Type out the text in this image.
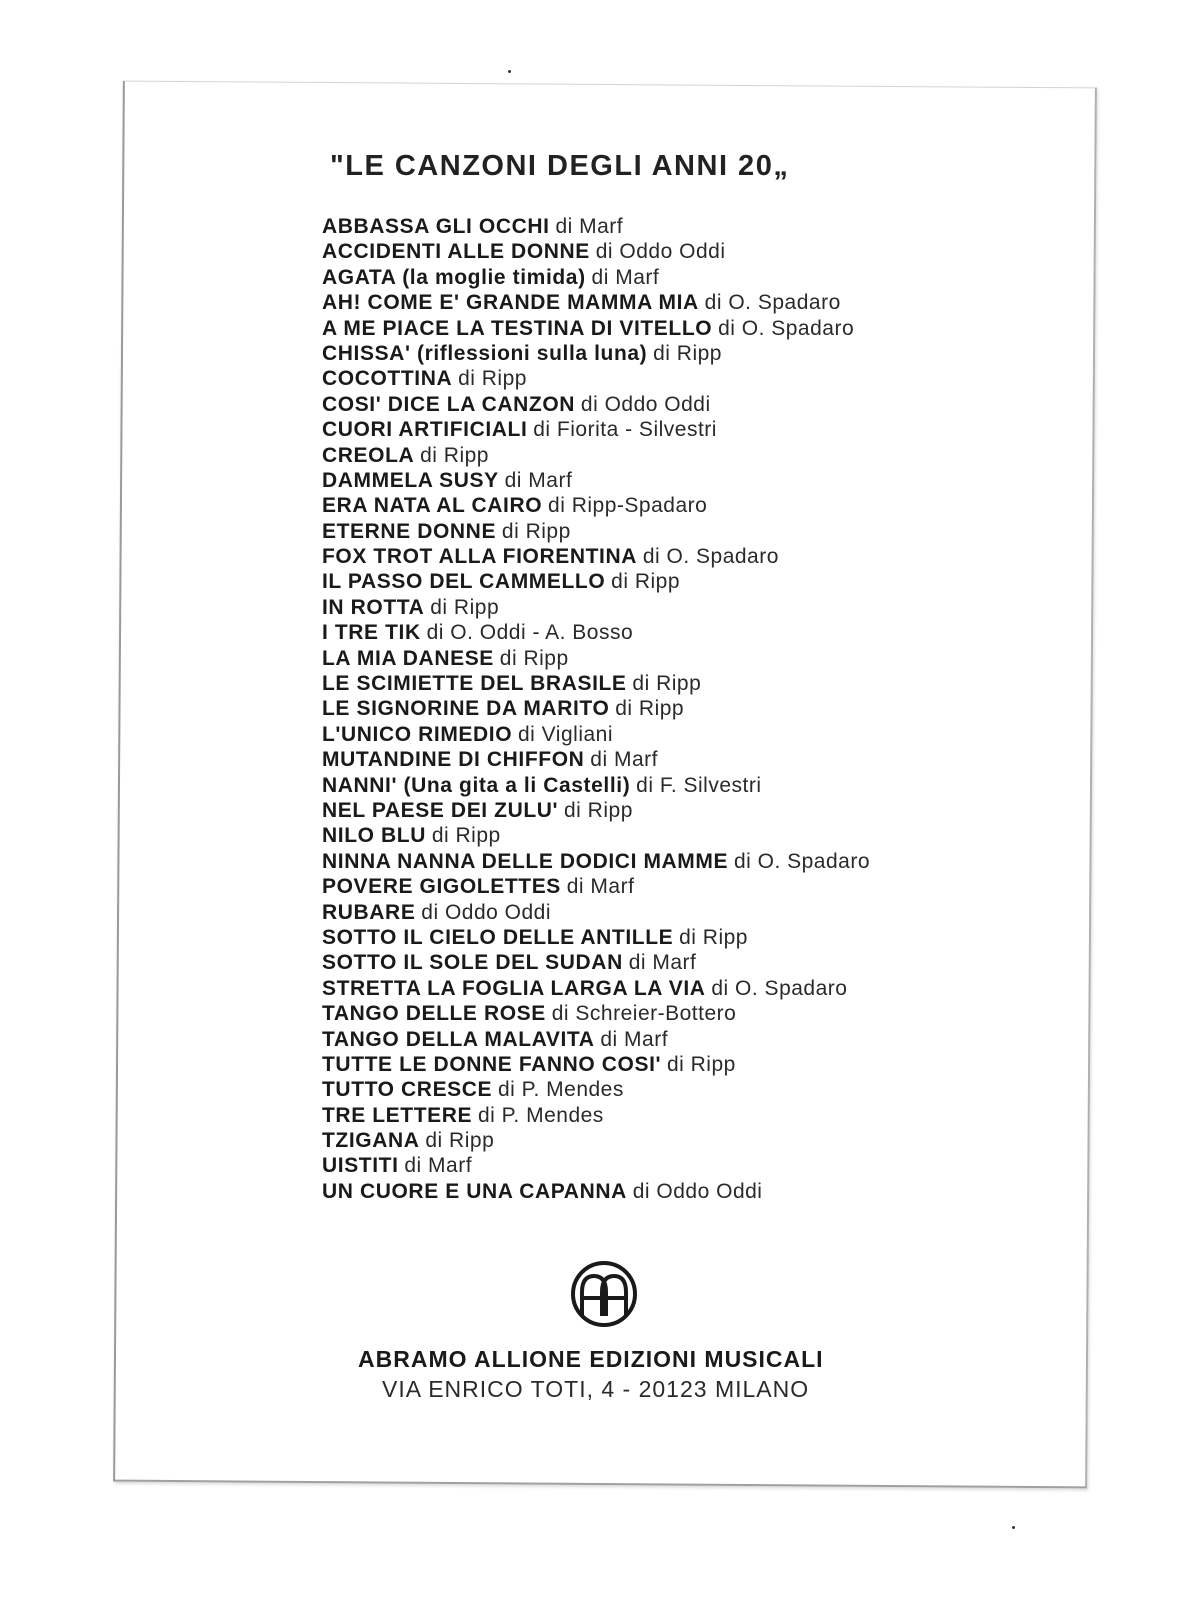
"LE CANZONI DEGLI ANNI 20„
ABBASSA GLI OCCHI di Marf
ACCIDENTI ALLE DONNE di Oddo Oddi
AGATA (la moglie timida) di Marf
AH! COME E' GRANDE MAMMA MIA di O. Spadaro
A ME PIACE LA TESTINA DI VITELLO di O. Spadaro
CHISSA' (riflessioni sulla luna) di Ripp
COCOTTINA di Ripp
COSI' DICE LA CANZON di Oddo Oddi
CUORI ARTIFICIALI di Fiorita - Silvestri
CREOLA di Ripp
DAMMELA SUSY di Marf
ERA NATA AL CAIRO di Ripp-Spadaro
ETERNE DONNE di Ripp
FOX TROT ALLA FIORENTINA di O. Spadaro
IL PASSO DEL CAMMELLO di Ripp
IN ROTTA di Ripp
I TRE TIK di O. Oddi - A. Bosso
LA MIA DANESE di Ripp
LE SCIMIETTE DEL BRASILE di Ripp
LE SIGNORINE DA MARITO di Ripp
L'UNICO RIMEDIO di Vigliani
MUTANDINE DI CHIFFON di Marf
NANNI' (Una gita a li Castelli) di F. Silvestri
NEL PAESE DEI ZULU' di Ripp
NILO BLU di Ripp
NINNA NANNA DELLE DODICI MAMME di O. Spadaro
POVERE GIGOLETTES di Marf
RUBARE di Oddo Oddi
SOTTO IL CIELO DELLE ANTILLE di Ripp
SOTTO IL SOLE DEL SUDAN di Marf
STRETTA LA FOGLIA LARGA LA VIA di O. Spadaro
TANGO DELLE ROSE di Schreier-Bottero
TANGO DELLA MALAVITA di Marf
TUTTE LE DONNE FANNO COSI' di Ripp
TUTTO CRESCE di P. Mendes
TRE LETTERE di P. Mendes
TZIGANA di Ripp
UISTITI di Marf
UN CUORE E UNA CAPANNA di Oddo Oddi
ABRAMO ALLIONE EDIZIONI MUSICALI
VIA ENRICO TOTI, 4 - 20123 MILANO
